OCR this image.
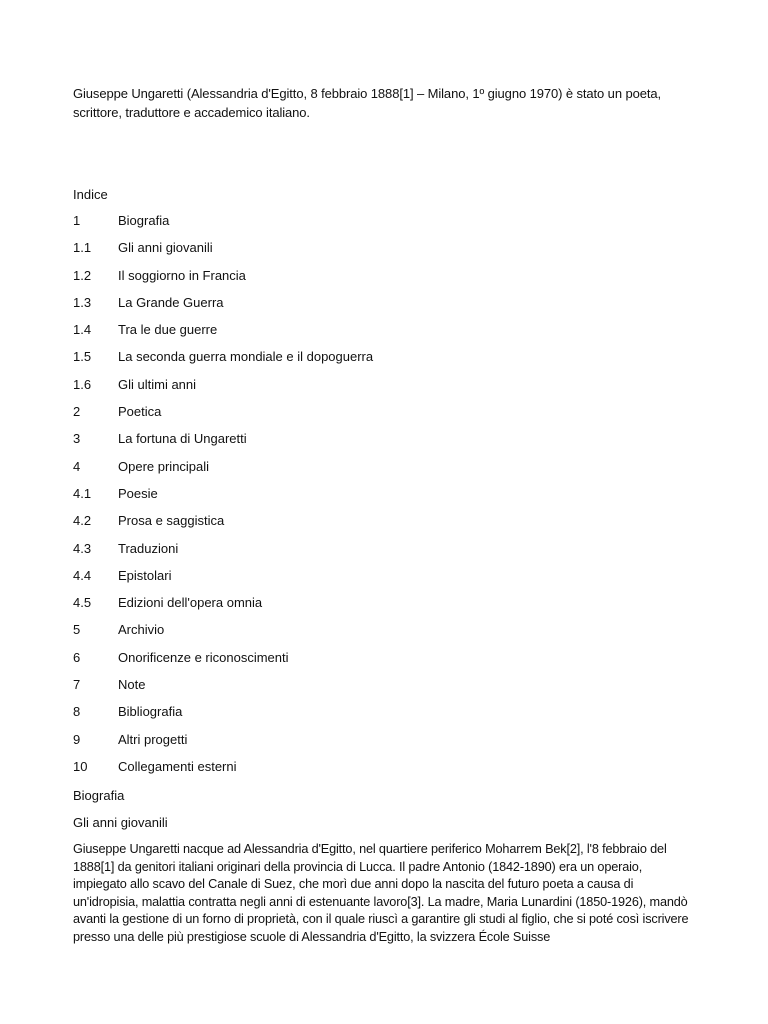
Giuseppe Ungaretti (Alessandria d'Egitto, 8 febbraio 1888[1] – Milano, 1º giugno 1970) è stato un poeta, scrittore, traduttore e accademico italiano.

Indice

1	Biografia
1.1	Gli anni giovanili
1.2	Il soggiorno in Francia
1.3	La Grande Guerra
1.4	Tra le due guerre
1.5	La seconda guerra mondiale e il dopoguerra
1.6	Gli ultimi anni
2	Poetica
3	La fortuna di Ungaretti
4	Opere principali
4.1	Poesie
4.2	Prosa e saggistica
4.3	Traduzioni
4.4	Epistolari
4.5	Edizioni dell'opera omnia
5	Archivio
6	Onorificenze e riconoscimenti
7	Note
8	Bibliografia
9	Altri progetti
10	Collegamenti esterni

Biografia

Gli anni giovanili

Giuseppe Ungaretti nacque ad Alessandria d'Egitto, nel quartiere periferico Moharrem Bek[2], l'8 febbraio del 1888[1] da genitori italiani originari della provincia di Lucca. Il padre Antonio (1842-1890) era un operaio, impiegato allo scavo del Canale di Suez, che morì due anni dopo la nascita del futuro poeta a causa di un'idropisia, malattia contratta negli anni di estenuante lavoro[3]. La madre, Maria Lunardini (1850-1926), mandò avanti la gestione di un forno di proprietà, con il quale riuscì a garantire gli studi al figlio, che si poté così iscrivere presso una delle più prestigiose scuole di Alessandria d'Egitto, la svizzera École Suisse
